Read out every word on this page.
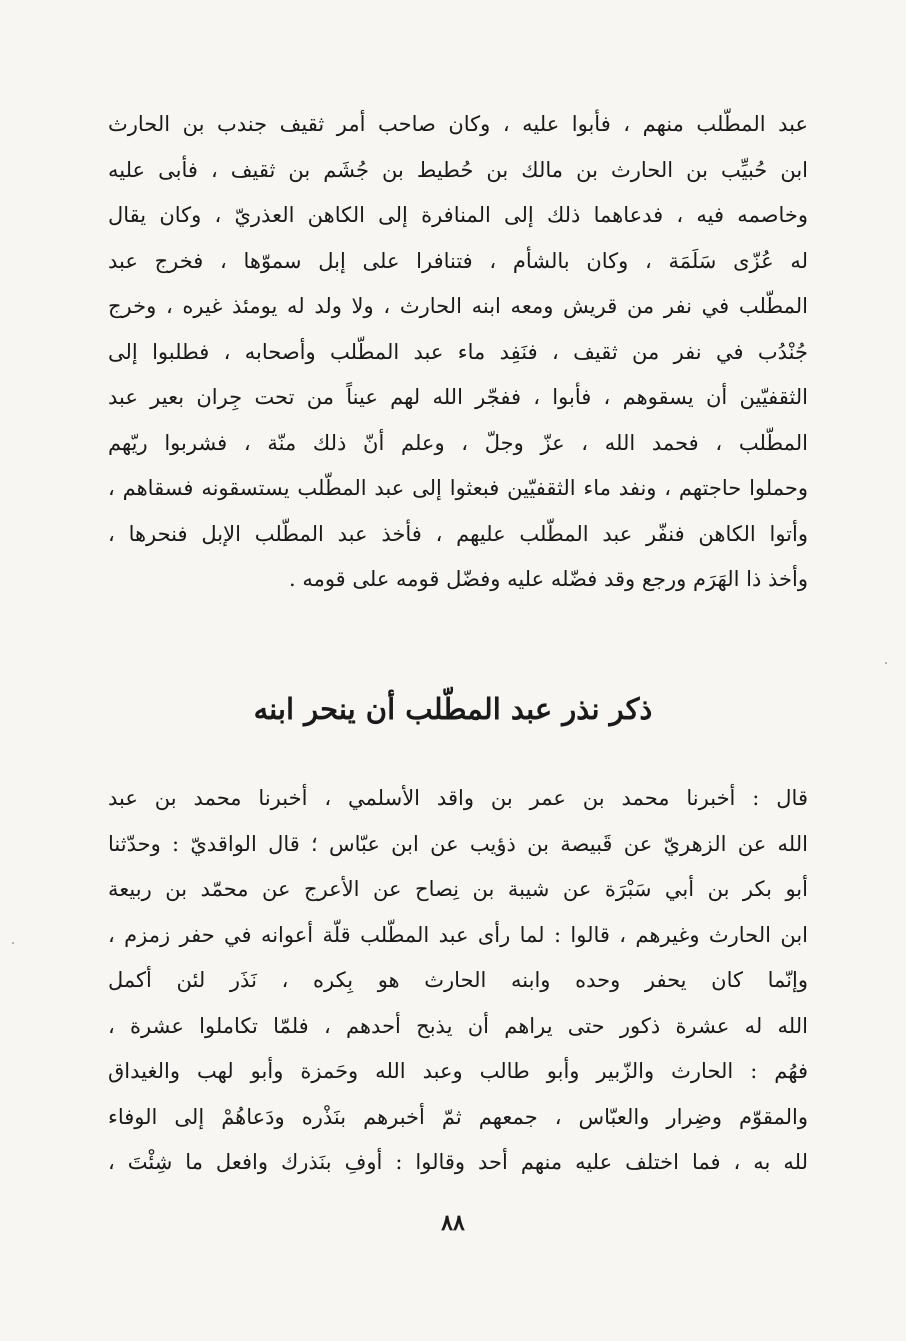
عبد المطّلب منهم ، فأبوا عليه ، وكان صاحب أمر ثقيف جندب بن الحارث
ابن حُبيِّب بن الحارث بن مالك بن حُطيط بن جُشَم بن ثقيف ، فأبى عليه
وخاصمه فيه ، فدعاهما ذلك إلى المنافرة إلى الكاهن العذريّ ، وكان يقال
له عُزّى سَلَمَة ، وكان بالشأم ، فتنافرا على إبل سموّها ، فخرج عبد
المطّلب في نفر من قريش ومعه ابنه الحارث ، ولا ولد له يومئذ غيره ، وخرج
جُنْدُب في نفر من ثقيف ، فنَفِد ماء عبد المطّلب وأصحابه ، فطلبوا إلى
الثقفيّين أن يسقوهم ، فأبوا ، ففجّر الله لهم عيناً من تحت جِران بعير عبد
المطّلب ، فحمد الله ، عزّ وجلّ ، وعلم أنّ ذلك منّة ، فشربوا ريّهم
وحملوا حاجتهم ، ونفد ماء الثقفيّين فبعثوا إلى عبد المطّلب يستسقونه فسقاهم ،
وأتوا الكاهن فنفّر عبد المطّلب عليهم ، فأخذ عبد المطّلب الإبل فنحرها ،
وأخذ ذا الهَرَم ورجع وقد فضّله عليه وفضّل قومه على قومه .
ذكر نذر عبد المطّلب أن ينحر ابنه
قال : أخبرنا محمد بن عمر بن واقد الأسلمي ، أخبرنا محمد بن عبد
الله عن الزهريّ عن قَبيصة بن ذؤيب عن ابن عبّاس ؛ قال الواقديّ : وحدّثنا
أبو بكر بن أبي سَبْرَة عن شيبة بن نِصاح عن الأعرج عن محمّد بن ربيعة
ابن الحارث وغيرهم ، قالوا : لما رأى عبد المطّلب قلّة أعوانه في حفر زمزم ،
وإنّما كان يحفر وحده وابنه الحارث هو بِكره ، نَذَر لئن أكمل
الله له عشرة ذكور حتى يراهم أن يذبح أحدهم ، فلمّا تكاملوا عشرة ،
فهُم : الحارث والزّبير وأبو طالب وعبد الله وحَمزة وأبو لهب والغيداق
والمقوّم وضِرار والعبّاس ، جمعهم ثمّ أخبرهم بنَذْره ودَعاهُمْ إلى الوفاء
لله به ، فما اختلف عليه منهم أحد وقالوا : أوفِ بنَذرك وافعل ما شِئْتَ ،
٨٨
